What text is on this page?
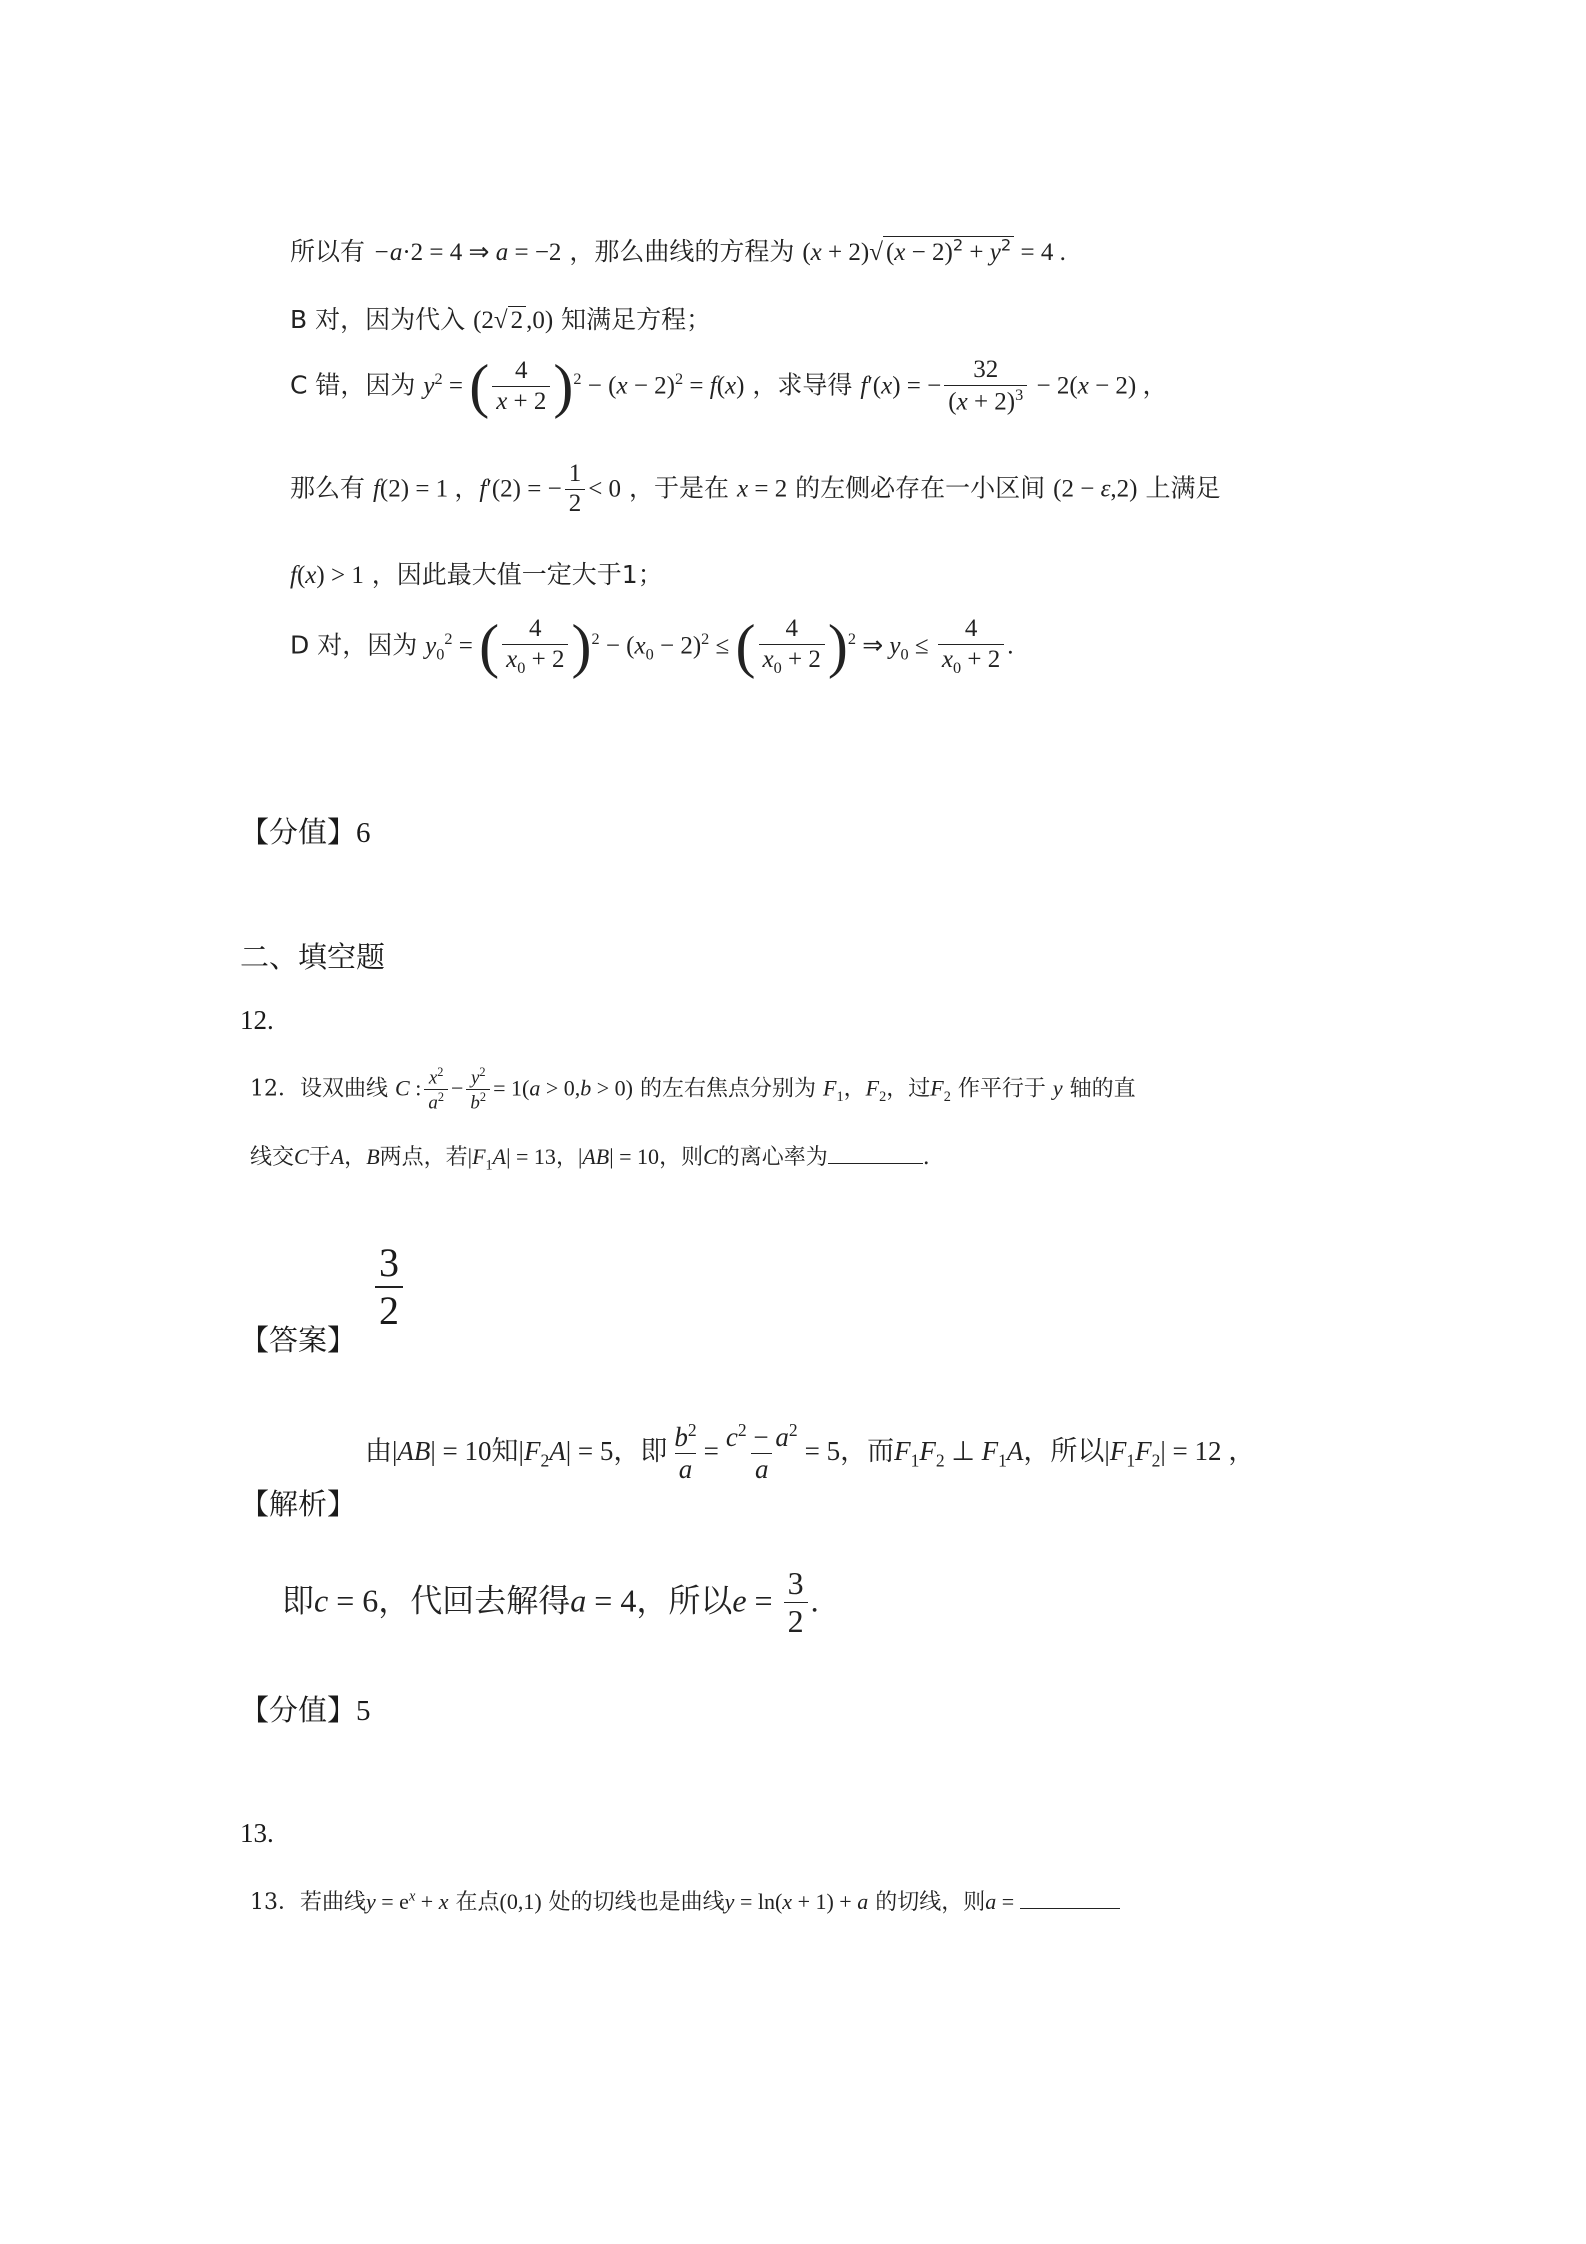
所以有 −a·2 = 4 ⇒ a = −2 ，那么曲线的方程为 (x + 2)√ $(x - 2)^2 + y^2 = 4$ .
B 对，因为代入 (2√ 2 ,0) 知满足方程；
C 错，因为 $y^2$ = ( $\frac{4}{x + 2} )^2 - (x - 2)^2 = f(x)$ ，求导得 f′(x) = − $\frac{32}{(x + 2)^3} - 2(x - 2)$ ，
那么有 f(2) = 1 ，f′(2) = − $\frac{1}{2} < 0$ ，于是在 x = 2 的左侧必存在一小区间 (2 − ε,2) 上满足
f(x) > 1 ，因此最大值一定大于1；
D 对，因为 $y_0^2$ = ( $\frac{4}{x_0 + 2} )^2 - (x_0 - 2)^2$ ≤ ( $\frac{4}{x_0 + 2} )^2$ ⇒ $y_0 \le \frac{4}{x_0 + 2}$ .
【分值】6
二、填空题
12.
12．设双曲线 C : $\frac{x^2}{a^2} - \frac{y^2}{b^2} = 1(a > 0,b > 0)$ 的左右焦点分别为 $F_1$，$F_2$，过$F_2$ 作平行于 y 轴的直
线交C于A，B两点，若$|F_1A| = 13$，|AB| = 10，则C的离心率为	.
【答案】
$\frac{3}{2}$
【解析】
由|AB| = 10知$|F_2A| = 5$，即 $\frac{b^2}{a} = \frac{c^2 - a^2}{a} = 5$，而$F_1F_2$ ⊥ $F_1A$，所以$|F_1F_2| = 12$ ，
即c = 6，代回去解得a = 4，所以$e = \frac{3}{2}$ .
【分值】5
13.
13．若曲线$y = e^x + x$ 在点(0,1) 处的切线也是曲线y = ln(x + 1) + a 的切线，则a =
